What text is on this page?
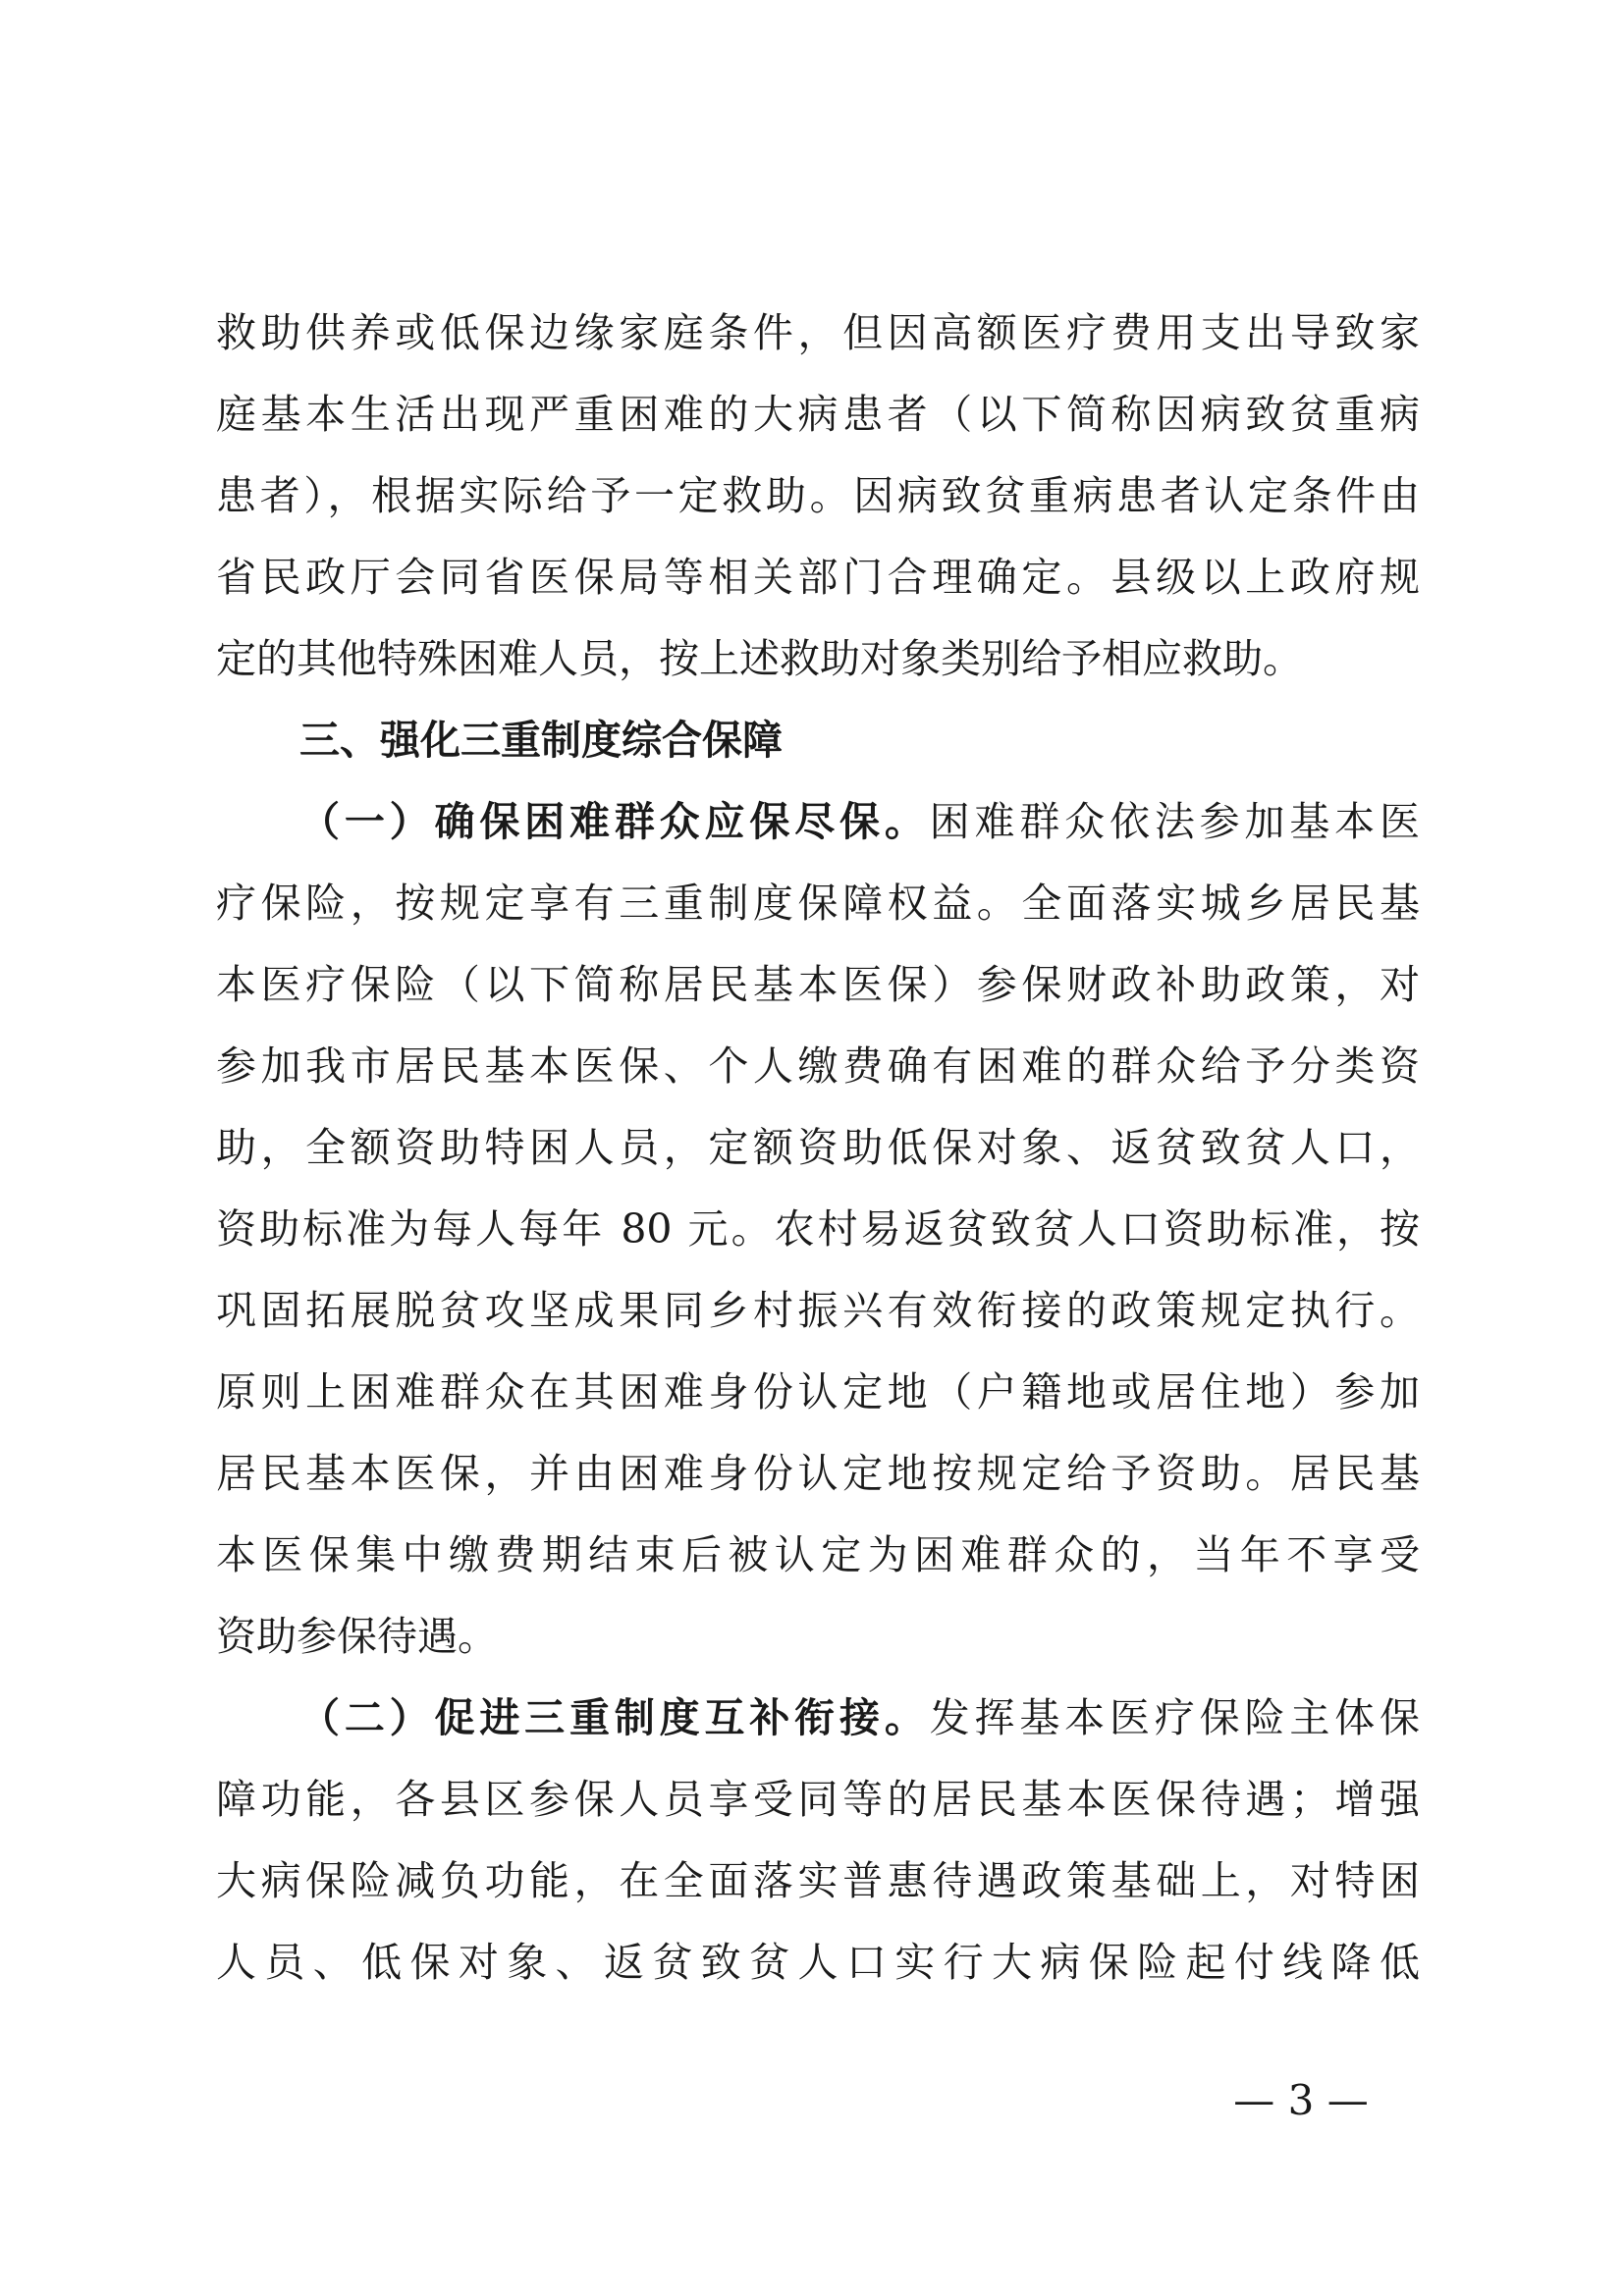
救助供养或低保边缘家庭条件，但因高额医疗费用支出导致家
庭基本生活出现严重困难的大病患者（以下简称因病致贫重病
患者），根据实际给予一定救助。因病致贫重病患者认定条件由
省民政厅会同省医保局等相关部门合理确定。县级以上政府规
定的其他特殊困难人员，按上述救助对象类别给予相应救助。
三、强化三重制度综合保障
（一）确保困难群众应保尽保。困难群众依法参加基本医
疗保险，按规定享有三重制度保障权益。全面落实城乡居民基
本医疗保险（以下简称居民基本医保）参保财政补助政策，对
参加我市居民基本医保、个人缴费确有困难的群众给予分类资
助，全额资助特困人员，定额资助低保对象、返贫致贫人口，
资助标准为每人每年 80 元。农村易返贫致贫人口资助标准，按
巩固拓展脱贫攻坚成果同乡村振兴有效衔接的政策规定执行。
原则上困难群众在其困难身份认定地（户籍地或居住地）参加
居民基本医保，并由困难身份认定地按规定给予资助。居民基
本医保集中缴费期结束后被认定为困难群众的，当年不享受
资助参保待遇。
（二）促进三重制度互补衔接。发挥基本医疗保险主体保
障功能，各县区参保人员享受同等的居民基本医保待遇；增强
大病保险减负功能，在全面落实普惠待遇政策基础上，对特困
人员、低保对象、返贫致贫人口实行大病保险起付线降低
— 3 —
